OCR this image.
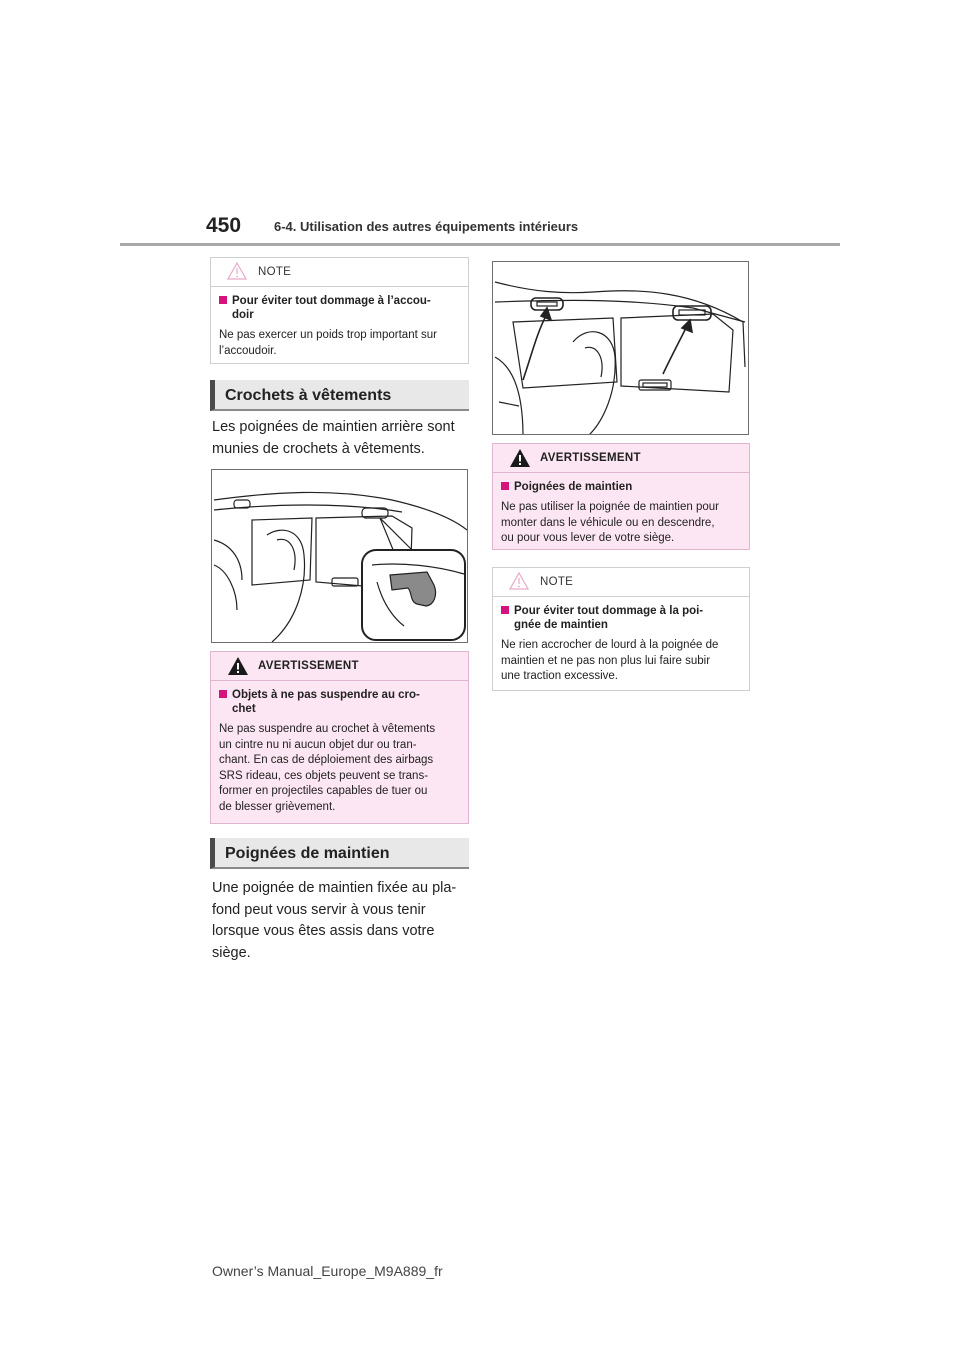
450	6-4. Utilisation des autres équipements intérieurs
NOTE
Pour éviter tout dommage à l’accou-
doir
Ne pas exercer un poids trop important sur
l’accoudoir.
Crochets à vêtements
Les poignées de maintien arrière sont
munies de crochets à vêtements.
AVERTISSEMENT
Objets à ne pas suspendre au cro-
chet
Ne pas suspendre au crochet à vêtements
un cintre nu ni aucun objet dur ou tran-
chant. En cas de déploiement des airbags
SRS rideau, ces objets peuvent se trans-
former en projectiles capables de tuer ou
de blesser grièvement.
Poignées de maintien
Une poignée de maintien fixée au pla-
fond peut vous servir à vous tenir
lorsque vous êtes assis dans votre
siège.
AVERTISSEMENT
Poignées de maintien
Ne pas utiliser la poignée de maintien pour
monter dans le véhicule ou en descendre,
ou pour vous lever de votre siège.
NOTE
Pour éviter tout dommage à la poi-
gnée de maintien
Ne rien accrocher de lourd à la poignée de
maintien et ne pas non plus lui faire subir
une traction excessive.
Owner’s Manual_Europe_M9A889_fr
